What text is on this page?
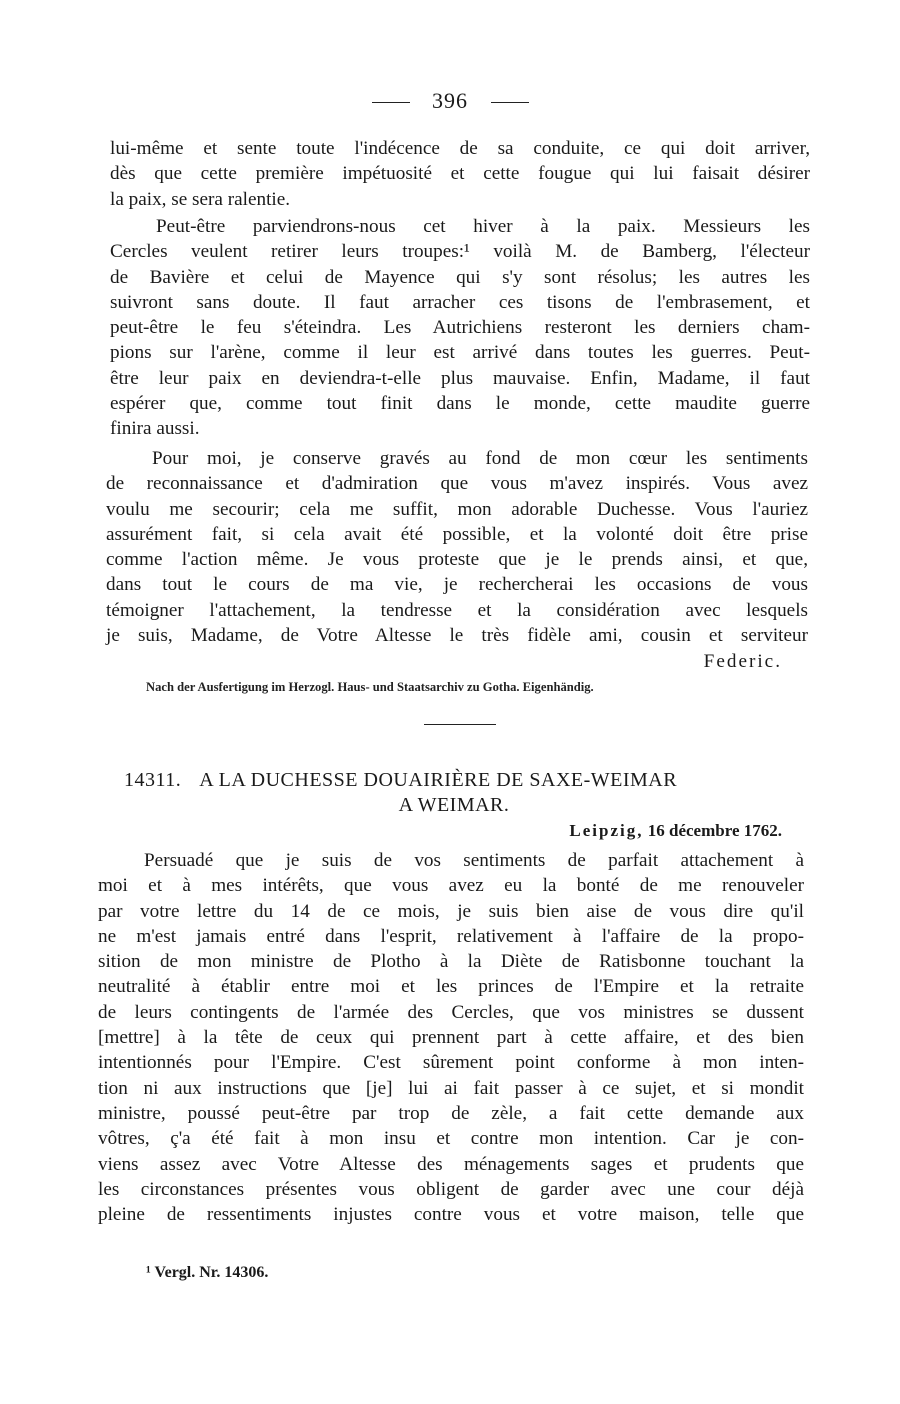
396
lui-même et sente toute l'indécence de sa conduite, ce qui doit arriver,
dès que cette première impétuosité et cette fougue qui lui faisait désirer
la paix, se sera ralentie.
Peut-être parviendrons-nous cet hiver à la paix. Messieurs les
Cercles veulent retirer leurs troupes:¹ voilà M. de Bamberg, l'électeur
de Bavière et celui de Mayence qui s'y sont résolus; les autres les
suivront sans doute. Il faut arracher ces tisons de l'embrasement, et
peut-être le feu s'éteindra. Les Autrichiens resteront les derniers cham-
pions sur l'arène, comme il leur est arrivé dans toutes les guerres. Peut-
être leur paix en deviendra-t-elle plus mauvaise. Enfin, Madame, il faut
espérer que, comme tout finit dans le monde, cette maudite guerre
finira aussi.
Pour moi, je conserve gravés au fond de mon cœur les sentiments
de reconnaissance et d'admiration que vous m'avez inspirés. Vous avez
voulu me secourir; cela me suffit, mon adorable Duchesse. Vous l'auriez
assurément fait, si cela avait été possible, et la volonté doit être prise
comme l'action même. Je vous proteste que je le prends ainsi, et que,
dans tout le cours de ma vie, je rechercherai les occasions de vous
témoigner l'attachement, la tendresse et la considération avec lesquels
je suis, Madame, de Votre Altesse le très fidèle ami, cousin et serviteur
Federic.
Nach der Ausfertigung im Herzogl. Haus- und Staatsarchiv zu Gotha. Eigenhändig.
14311. A LA DUCHESSE DOUAIRIÈRE DE SAXE-WEIMAR
A WEIMAR.
Leipzig, 16 décembre 1762.
Persuadé que je suis de vos sentiments de parfait attachement à
moi et à mes intérêts, que vous avez eu la bonté de me renouveler
par votre lettre du 14 de ce mois, je suis bien aise de vous dire qu'il
ne m'est jamais entré dans l'esprit, relativement à l'affaire de la propo-
sition de mon ministre de Plotho à la Diète de Ratisbonne touchant la
neutralité à établir entre moi et les princes de l'Empire et la retraite
de leurs contingents de l'armée des Cercles, que vos ministres se dussent
[mettre] à la tête de ceux qui prennent part à cette affaire, et des bien
intentionnés pour l'Empire. C'est sûrement point conforme à mon inten-
tion ni aux instructions que [je] lui ai fait passer à ce sujet, et si mondit
ministre, poussé peut-être par trop de zèle, a fait cette demande aux
vôtres, ç'a été fait à mon insu et contre mon intention. Car je con-
viens assez avec Votre Altesse des ménagements sages et prudents que
les circonstances présentes vous obligent de garder avec une cour déjà
pleine de ressentiments injustes contre vous et votre maison, telle que
¹ Vergl. Nr. 14306.
